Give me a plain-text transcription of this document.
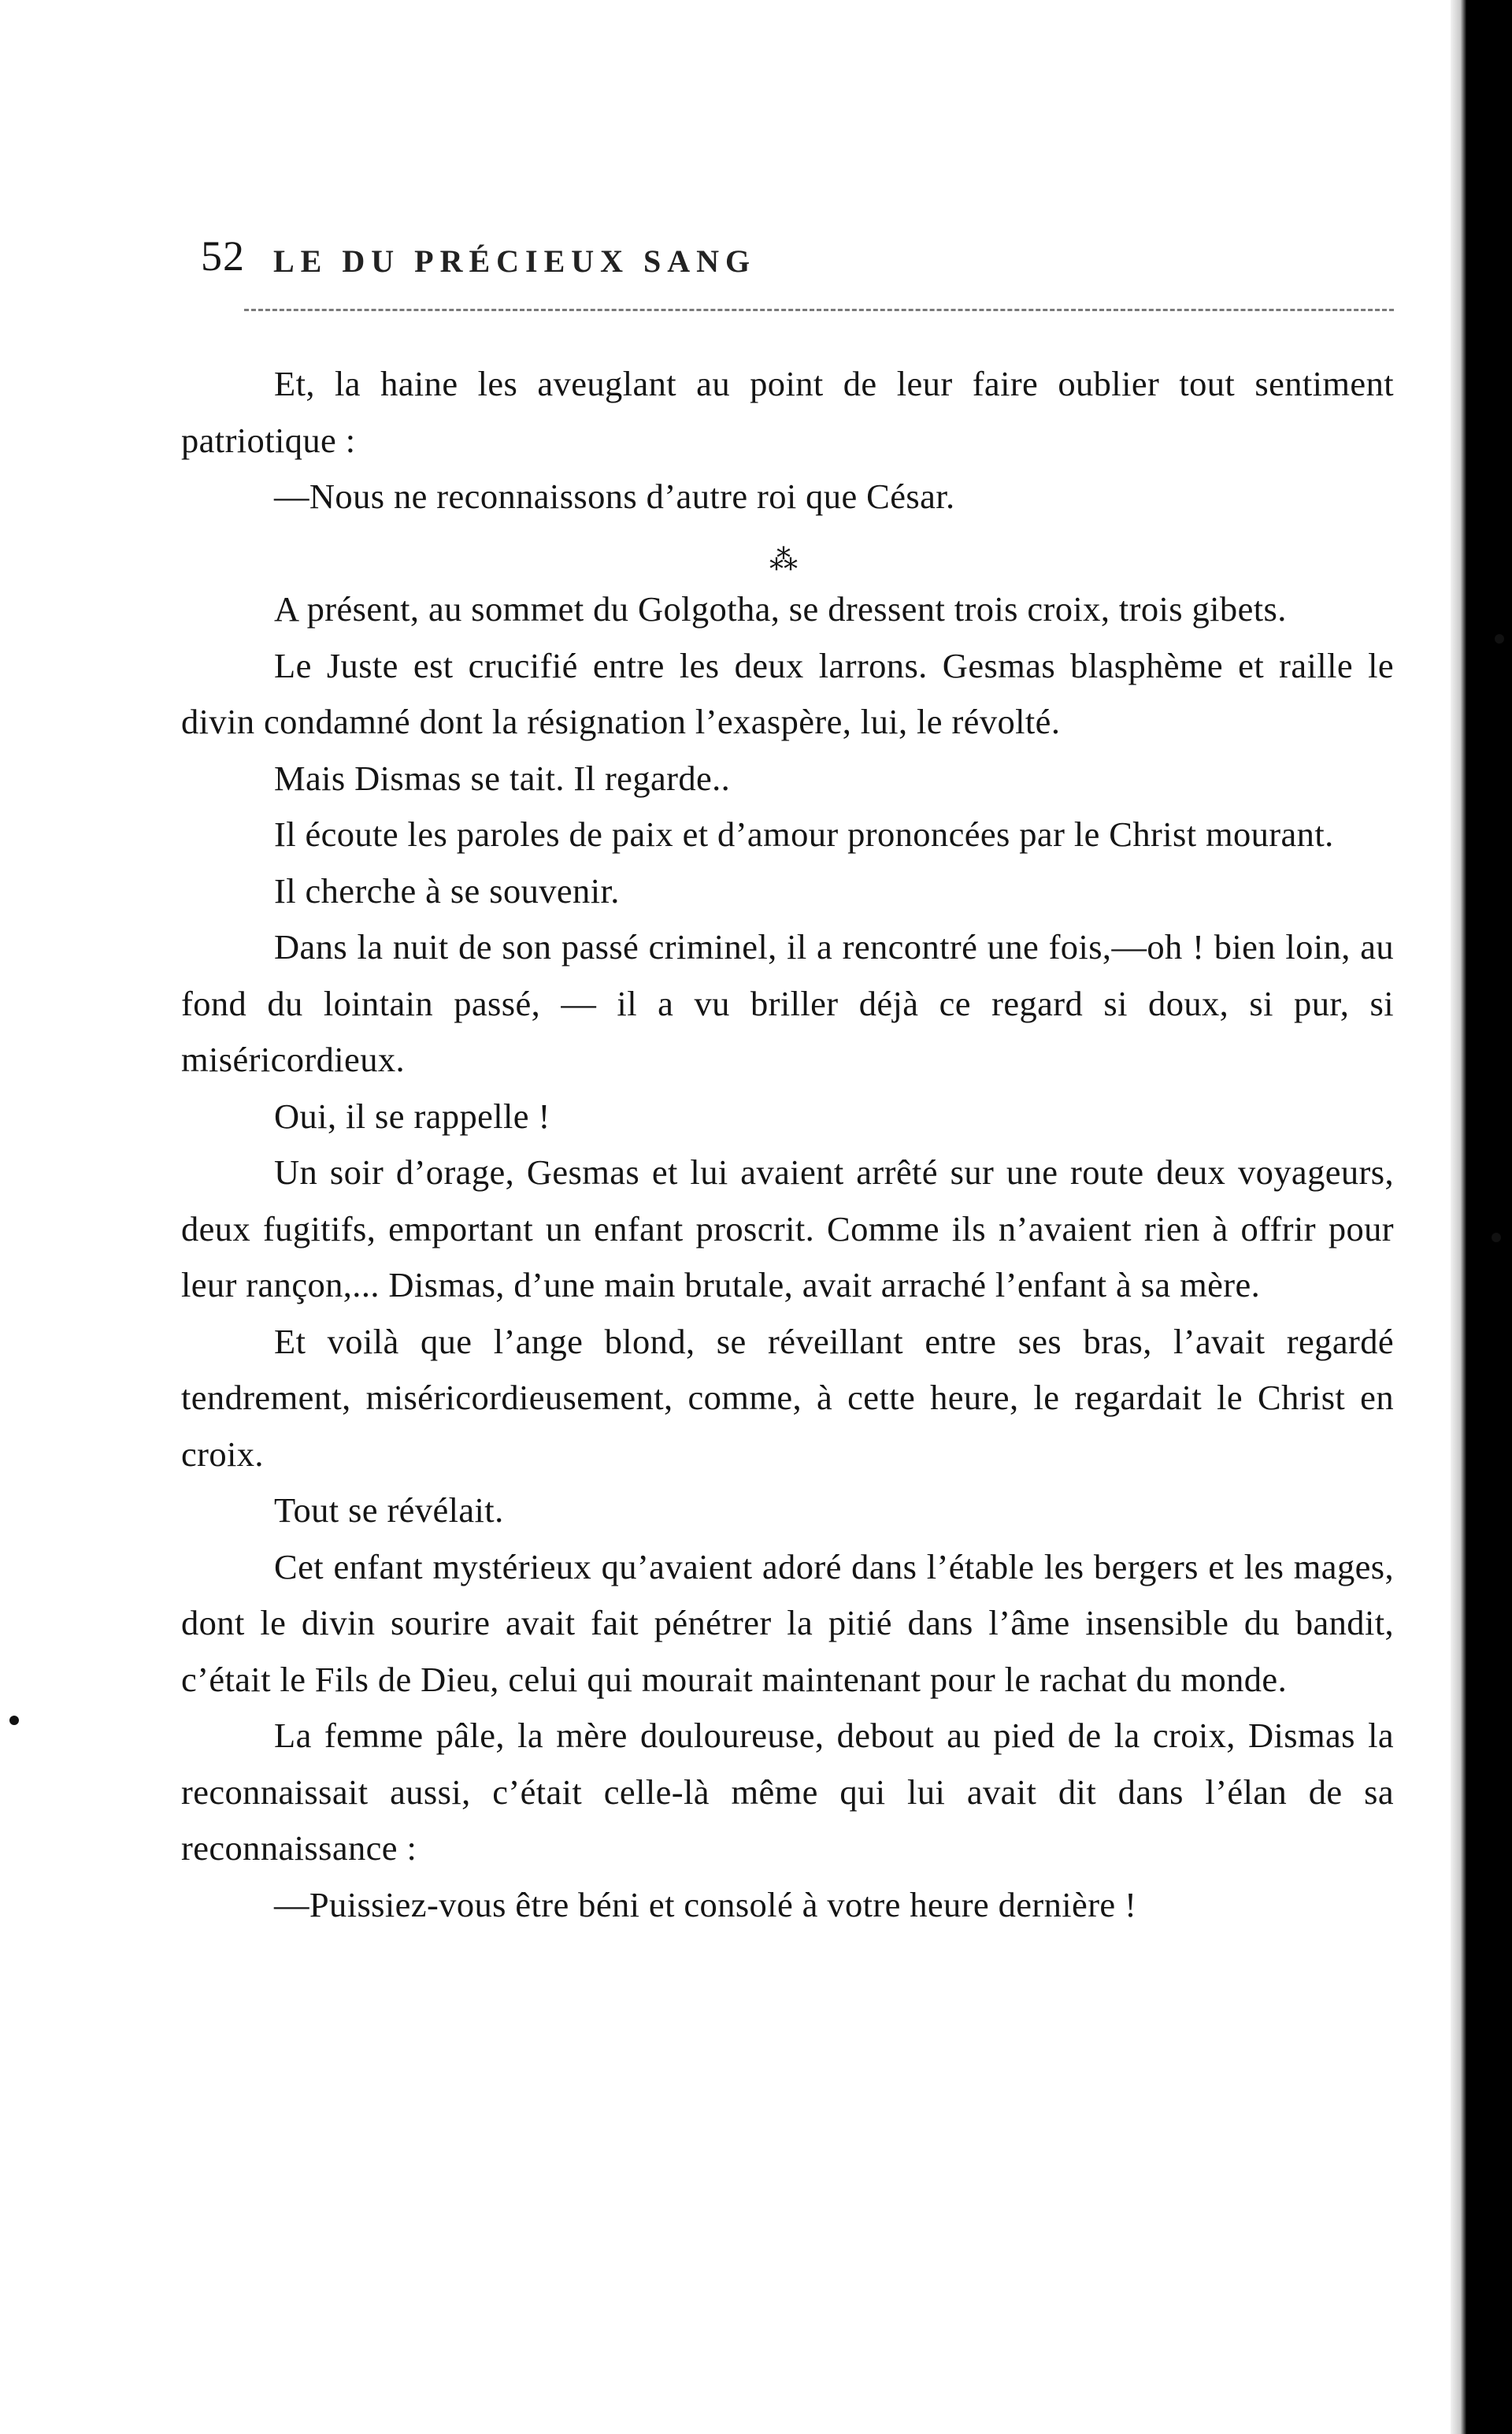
52 LE DU PRÉCIEUX SANG

Et, la haine les aveuglant au point de leur faire oublier tout sentiment patriotique :

—Nous ne reconnaissons d’autre roi que César.

⁂

A présent, au sommet du Golgotha, se dressent trois croix, trois gibets.

Le Juste est crucifié entre les deux larrons. Gesmas blasphème et raille le divin condamné dont la résignation l’exaspère, lui, le révolté.

Mais Dismas se tait. Il regarde..

Il écoute les paroles de paix et d’amour prononcées par le Christ mourant.

Il cherche à se souvenir.

Dans la nuit de son passé criminel, il a rencontré une fois,—oh ! bien loin, au fond du lointain passé, — il a vu briller déjà ce regard si doux, si pur, si miséricordieux.

Oui, il se rappelle !

Un soir d’orage, Gesmas et lui avaient arrêté sur une route deux voyageurs, deux fugitifs, emportant un enfant proscrit. Comme ils n’avaient rien à offrir pour leur rançon,... Dismas, d’une main brutale, avait arraché l’enfant à sa mère.

Et voilà que l’ange blond, se réveillant entre ses bras, l’avait regardé tendrement, miséricordieusement, comme, à cette heure, le regardait le Christ en croix.

Tout se révélait.

Cet enfant mystérieux qu’avaient adoré dans l’étable les bergers et les mages, dont le divin sourire avait fait pénétrer la pitié dans l’âme insensible du bandit, c’était le Fils de Dieu, celui qui mourait maintenant pour le rachat du monde.

La femme pâle, la mère douloureuse, debout au pied de la croix, Dismas la reconnaissait aussi, c’était celle-là même qui lui avait dit dans l’élan de sa reconnaissance :

—Puissiez-vous être béni et consolé à votre heure dernière !
